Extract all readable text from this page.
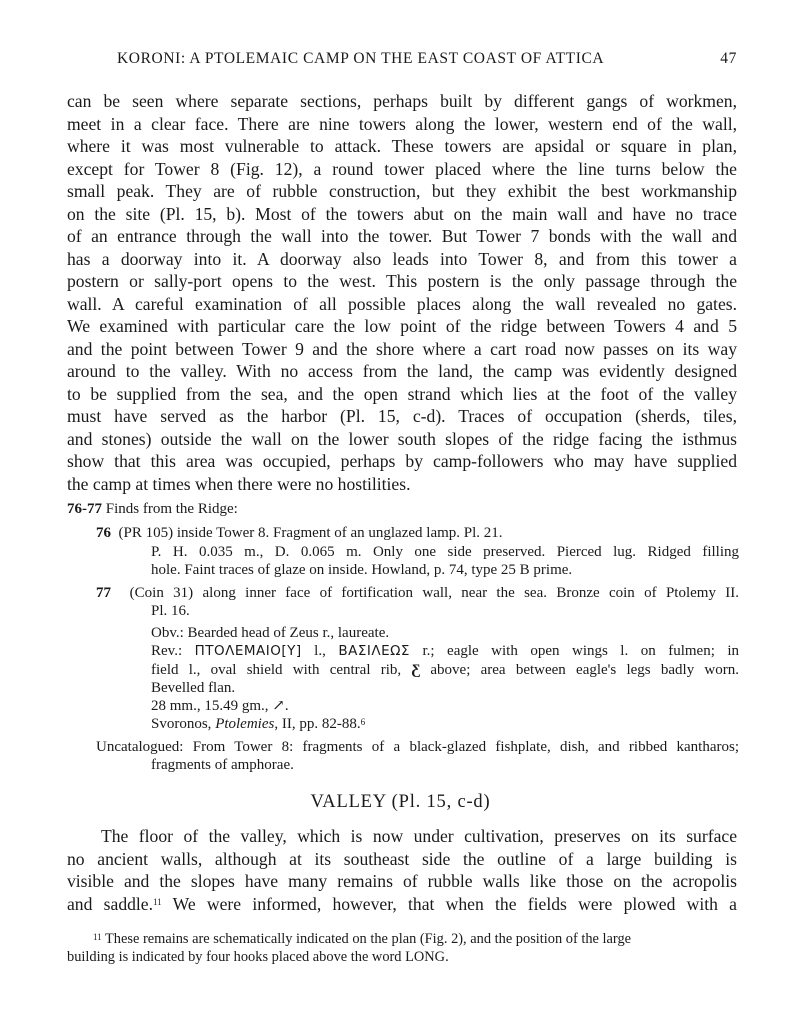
KORONI: A PTOLEMAIC CAMP ON THE EAST COAST OF ATTICA	47
can be seen where separate sections, perhaps built by different gangs of workmen,
meet in a clear face. There are nine towers along the lower, western end of the wall,
where it was most vulnerable to attack. These towers are apsidal or square in plan,
except for Tower 8 (Fig. 12), a round tower placed where the line turns below the
small peak. They are of rubble construction, but they exhibit the best workmanship
on the site (Pl. 15, b). Most of the towers abut on the main wall and have no trace
of an entrance through the wall into the tower. But Tower 7 bonds with the wall and
has a doorway into it. A doorway also leads into Tower 8, and from this tower a
postern or sally-port opens to the west. This postern is the only passage through the
wall. A careful examination of all possible places along the wall revealed no gates.
We examined with particular care the low point of the ridge between Towers 4 and 5
and the point between Tower 9 and the shore where a cart road now passes on its way
around to the valley. With no access from the land, the camp was evidently designed
to be supplied from the sea, and the open strand which lies at the foot of the valley
must have served as the harbor (Pl. 15, c-d). Traces of occupation (sherds, tiles,
and stones) outside the wall on the lower south slopes of the ridge facing the isthmus
show that this area was occupied, perhaps by camp-followers who may have supplied
the camp at times when there were no hostilities.
76-77 Finds from the Ridge:
76 (PR 105) inside Tower 8. Fragment of an unglazed lamp. Pl. 21.
P. H. 0.035 m., D. 0.065 m. Only one side preserved. Pierced lug. Ridged filling
hole. Faint traces of glaze on inside. Howland, p. 74, type 25 B prime.
77 (Coin 31) along inner face of fortification wall, near the sea. Bronze coin of Ptolemy II.
Pl. 16.
Obv.: Bearded head of Zeus r., laureate.
Rev.: ΠΤΟΛΕΜΑΙΟ[Υ] l., ΒΑΣΙΛΕΩΣ r.; eagle with open wings l. on fulmen; in
field l., oval shield with central rib, Ƹ above; area between eagle's legs badly worn.
Bevelled flan.
28 mm., 15.49 gm., ↗.
Svoronos, Ptolemies, II, pp. 82-88.$^6$
Uncatalogued: From Tower 8: fragments of a black-glazed fishplate, dish, and ribbed kantharos;
fragments of amphorae.
VALLEY (Pl. 15, c-d)
The floor of the valley, which is now under cultivation, preserves on its surface
no ancient walls, although at its southeast side the outline of a large building is
visible and the slopes have many remains of rubble walls like those on the acropolis
and saddle.$^{11}$ We were informed, however, that when the fields were plowed with a
$^{11}$ These remains are schematically indicated on the plan (Fig. 2), and the position of the large
building is indicated by four hooks placed above the word LONG.
